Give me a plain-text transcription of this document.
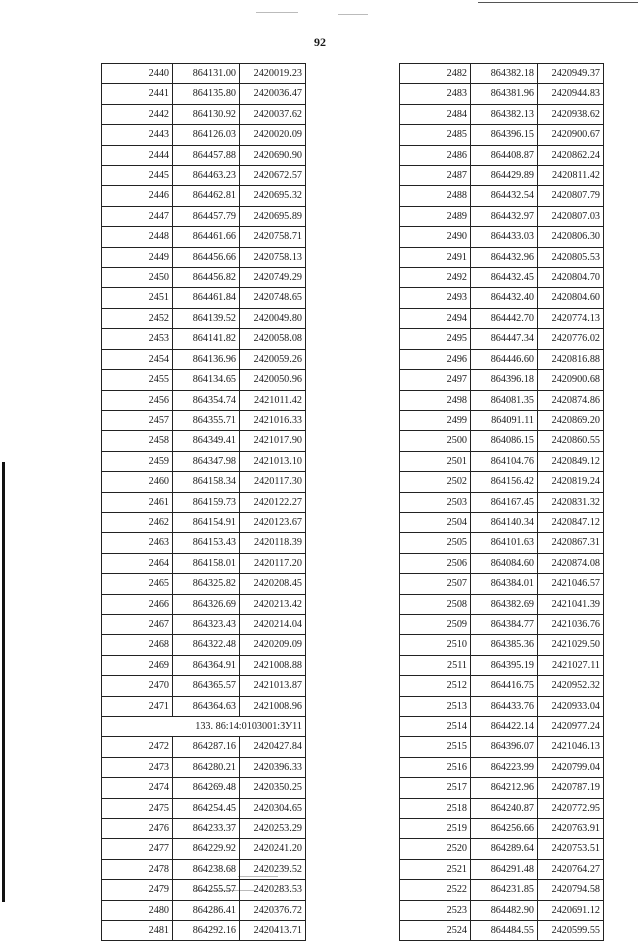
92
2440	864131.00	2420019.23
2441	864135.80	2420036.47
2442	864130.92	2420037.62
2443	864126.03	2420020.09
2444	864457.88	2420690.90
2445	864463.23	2420672.57
2446	864462.81	2420695.32
2447	864457.79	2420695.89
2448	864461.66	2420758.71
2449	864456.66	2420758.13
2450	864456.82	2420749.29
2451	864461.84	2420748.65
2452	864139.52	2420049.80
2453	864141.82	2420058.08
2454	864136.96	2420059.26
2455	864134.65	2420050.96
2456	864354.74	2421011.42
2457	864355.71	2421016.33
2458	864349.41	2421017.90
2459	864347.98	2421013.10
2460	864158.34	2420117.30
2461	864159.73	2420122.27
2462	864154.91	2420123.67
2463	864153.43	2420118.39
2464	864158.01	2420117.20
2465	864325.82	2420208.45
2466	864326.69	2420213.42
2467	864323.43	2420214.04
2468	864322.48	2420209.09
2469	864364.91	2421008.88
2470	864365.57	2421013.87
2471	864364.63	2421008.96
133. 86:14:0103001:ЗУ11		
2472	864287.16	2420427.84
2473	864280.21	2420396.33
2474	864269.48	2420350.25
2475	864254.45	2420304.65
2476	864233.37	2420253.29
2477	864229.92	2420241.20
2478	864238.68	2420239.52
2479	864255.57	2420283.53
2480	864286.41	2420376.72
2481	864292.16	2420413.71
2482	864382.18	2420949.37
2483	864381.96	2420944.83
2484	864382.13	2420938.62
2485	864396.15	2420900.67
2486	864408.87	2420862.24
2487	864429.89	2420811.42
2488	864432.54	2420807.79
2489	864432.97	2420807.03
2490	864433.03	2420806.30
2491	864432.96	2420805.53
2492	864432.45	2420804.70
2493	864432.40	2420804.60
2494	864442.70	2420774.13
2495	864447.34	2420776.02
2496	864446.60	2420816.88
2497	864396.18	2420900.68
2498	864081.35	2420874.86
2499	864091.11	2420869.20
2500	864086.15	2420860.55
2501	864104.76	2420849.12
2502	864156.42	2420819.24
2503	864167.45	2420831.32
2504	864140.34	2420847.12
2505	864101.63	2420867.31
2506	864084.60	2420874.08
2507	864384.01	2421046.57
2508	864382.69	2421041.39
2509	864384.77	2421036.76
2510	864385.36	2421029.50
2511	864395.19	2421027.11
2512	864416.75	2420952.32
2513	864433.76	2420933.04
2514	864422.14	2420977.24
2515	864396.07	2421046.13
2516	864223.99	2420799.04
2517	864212.96	2420787.19
2518	864240.87	2420772.95
2519	864256.66	2420763.91
2520	864289.64	2420753.51
2521	864291.48	2420764.27
2522	864231.85	2420794.58
2523	864482.90	2420691.12
2524	864484.55	2420599.55
